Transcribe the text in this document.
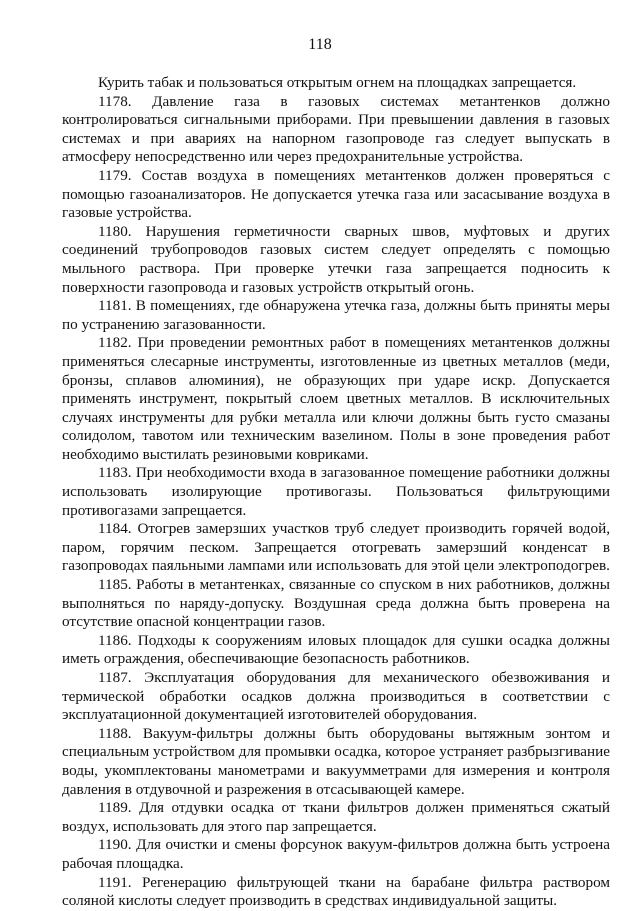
118

Курить табак и пользоваться открытым огнем на площадках запрещается.

1178. Давление газа в газовых системах метантенков должно контролироваться сигнальными приборами. При превышении давления в газовых системах и при авариях на напорном газопроводе газ следует выпускать в атмосферу непосредственно или через предохранительные устройства.

1179. Состав воздуха в помещениях метантенков должен проверяться с помощью газоанализаторов. Не допускается утечка газа или засасывание воздуха в газовые устройства.

1180. Нарушения герметичности сварных швов, муфтовых и других соединений трубопроводов газовых систем следует определять с помощью мыльного раствора. При проверке утечки газа запрещается подносить к поверхности газопровода и газовых устройств открытый огонь.

1181. В помещениях, где обнаружена утечка газа, должны быть приняты меры по устранению загазованности.

1182. При проведении ремонтных работ в помещениях метантенков должны применяться слесарные инструменты, изготовленные из цветных металлов (меди, бронзы, сплавов алюминия), не образующих при ударе искр. Допускается применять инструмент, покрытый слоем цветных металлов. В исключительных случаях инструменты для рубки металла или ключи должны быть густо смазаны солидолом, тавотом или техническим вазелином. Полы в зоне проведения работ необходимо выстилать резиновыми ковриками.

1183. При необходимости входа в загазованное помещение работники должны использовать изолирующие противогазы. Пользоваться фильтрующими противогазами запрещается.

1184. Отогрев замерзших участков труб следует производить горячей водой, паром, горячим песком. Запрещается отогревать замерзший конденсат в газопроводах паяльными лампами или использовать для этой цели электроподогрев.

1185. Работы в метантенках, связанные со спуском в них работников, должны выполняться по наряду-допуску. Воздушная среда должна быть проверена на отсутствие опасной концентрации газов.

1186. Подходы к сооружениям иловых площадок для сушки осадка должны иметь ограждения, обеспечивающие безопасность работников.

1187. Эксплуатация оборудования для механического обезвоживания и термической обработки осадков должна производиться в соответствии с эксплуатационной документацией изготовителей оборудования.

1188. Вакуум-фильтры должны быть оборудованы вытяжным зонтом и специальным устройством для промывки осадка, которое устраняет разбрызгивание воды, укомплектованы манометрами и вакуумметрами для измерения и контроля давления в отдувочной и разрежения в отсасывающей камере.

1189. Для отдувки осадка от ткани фильтров должен применяться сжатый воздух, использовать для этого пар запрещается.

1190. Для очистки и смены форсунок вакуум-фильтров должна быть устроена рабочая площадка.

1191. Регенерацию фильтрующей ткани на барабане фильтра раствором соляной кислоты следует производить в средствах индивидуальной защиты.
